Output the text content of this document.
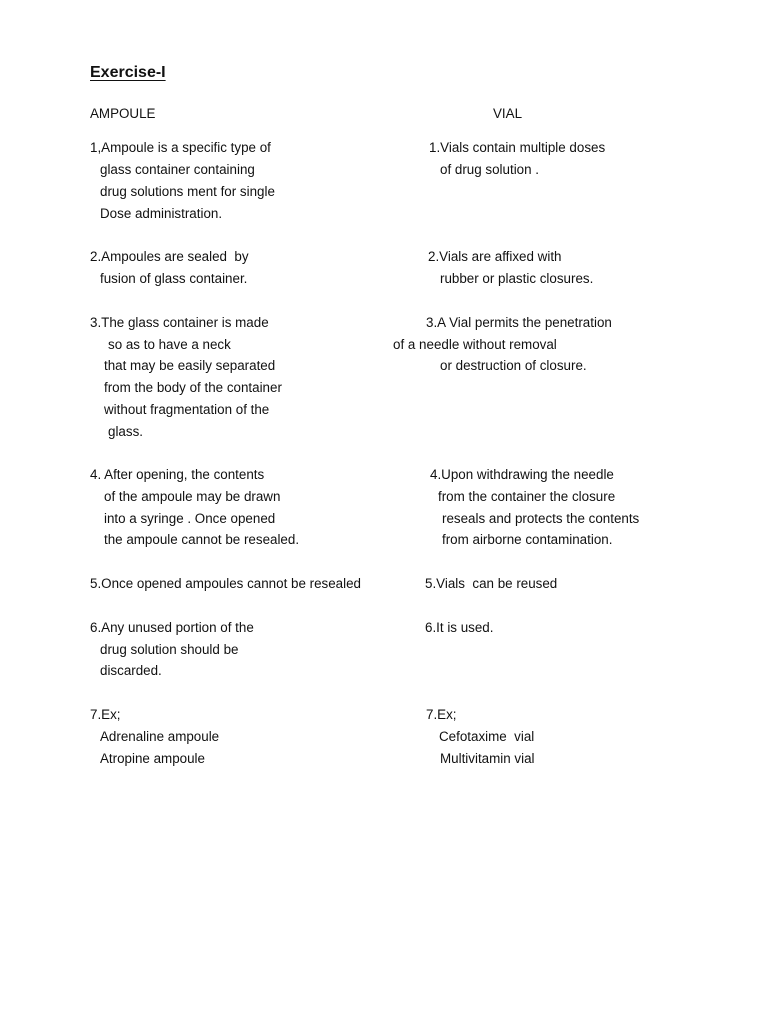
Exercise-I
AMPOULE	VIAL
1,Ampoule is a specific type of
glass container containing
drug solutions ment for single
Dose administration.
2.Ampoules are sealed  by
fusion of glass container.
3.The glass container is made
so as to have a neck
that may be easily separated
from the body of the container
without fragmentation of the
glass.
4. After opening, the contents
of the ampoule may be drawn
into a syringe . Once opened
the ampoule cannot be resealed.
5.Once opened ampoules cannot be resealed
6.Any unused portion of the
drug solution should be
discarded.
7.Ex;
Adrenaline ampoule
Atropine ampoule
1.Vials contain multiple doses
of drug solution .
2.Vials are affixed with
rubber or plastic closures.
3.A Vial permits the penetration
of a needle without removal
or destruction of closure.
4.Upon withdrawing the needle
from the container the closure
reseals and protects the contents
from airborne contamination.
5.Vials  can be reused
6.It is used.
7.Ex;
Cefotaxime  vial
Multivitamin vial
